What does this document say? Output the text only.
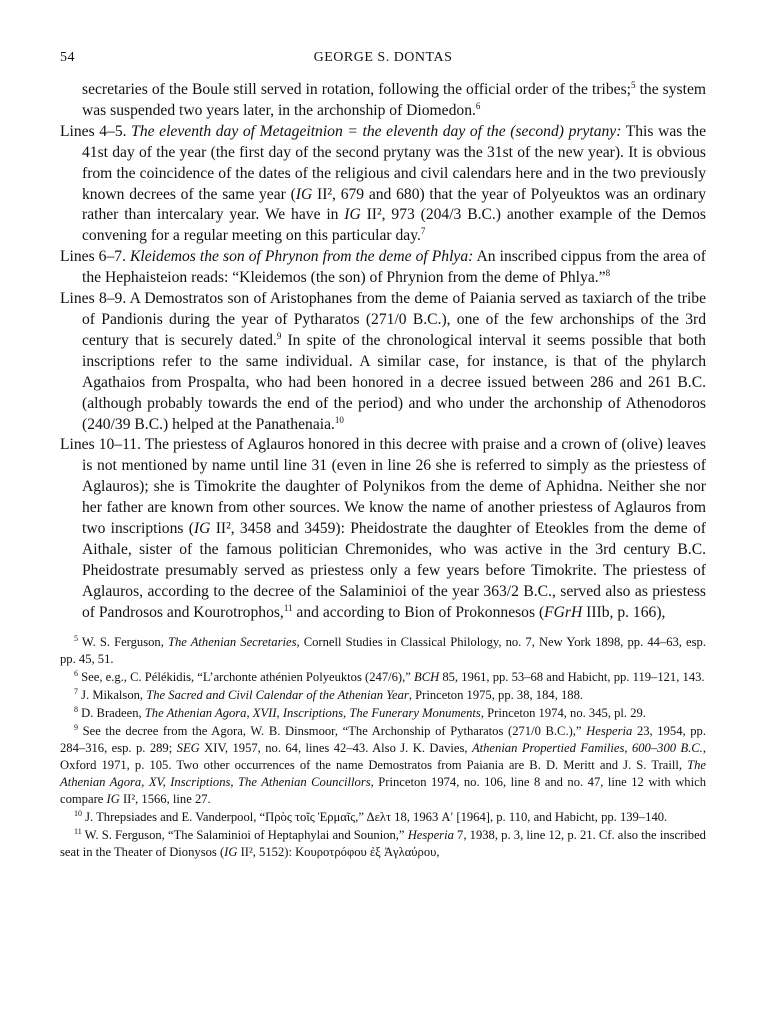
54	GEORGE S. DONTAS

secretaries of the Boule still served in rotation, following the official order of the tribes;$^5$ the system was suspended two years later, in the archonship of Diomedon.$^6$

Lines 4–5. The eleventh day of Metageitnion = the eleventh day of the (second) prytany: This was the 41st day of the year (the first day of the second prytany was the 31st of the new year). It is obvious from the coincidence of the dates of the religious and civil calendars here and in the two previously known decrees of the same year (IG II², 679 and 680) that the year of Polyeuktos was an ordinary rather than intercalary year. We have in IG II², 973 (204/3 B.C.) another example of the Demos convening for a regular meeting on this particular day.$^7$

Lines 6–7. Kleidemos the son of Phrynon from the deme of Phlya: An inscribed cippus from the area of the Hephaisteion reads: “Kleidemos (the son) of Phrynion from the deme of Phlya.”$^8$

Lines 8–9. A Demostratos son of Aristophanes from the deme of Paiania served as taxiarch of the tribe of Pandionis during the year of Pytharatos (271/0 B.C.), one of the few archonships of the 3rd century that is securely dated.$^9$ In spite of the chronological interval it seems possible that both inscriptions refer to the same individual. A similar case, for instance, is that of the phylarch Agathaios from Prospalta, who had been honored in a decree issued between 286 and 261 B.C. (although probably towards the end of the period) and who under the archonship of Athenodoros (240/39 B.C.) helped at the Panathenaia.$^{10}$

Lines 10–11. The priestess of Aglauros honored in this decree with praise and a crown of (olive) leaves is not mentioned by name until line 31 (even in line 26 she is referred to simply as the priestess of Aglauros); she is Timokrite the daughter of Polynikos from the deme of Aphidna. Neither she nor her father are known from other sources. We know the name of another priestess of Aglauros from two inscriptions (IG II², 3458 and 3459): Pheidostrate the daughter of Eteokles from the deme of Aithale, sister of the famous politician Chremonides, who was active in the 3rd century B.C. Pheidostrate presumably served as priestess only a few years before Timokrite. The priestess of Aglauros, according to the decree of the Salaminioi of the year 363/2 B.C., served also as priestess of Pandrosos and Kourotrophos,$^{11}$ and according to Bion of Prokonnesos (FGrH IIIb, p. 166),

$^5$ W. S. Ferguson, The Athenian Secretaries, Cornell Studies in Classical Philology, no. 7, New York 1898, pp. 44–63, esp. pp. 45, 51.

$^6$ See, e.g., C. Pélékidis, “L’archonte athénien Polyeuktos (247/6),” BCH 85, 1961, pp. 53–68 and Habicht, pp. 119–121, 143.

$^7$ J. Mikalson, The Sacred and Civil Calendar of the Athenian Year, Princeton 1975, pp. 38, 184, 188.

$^8$ D. Bradeen, The Athenian Agora, XVII, Inscriptions, The Funerary Monuments, Princeton 1974, no. 345, pl. 29.

$^9$ See the decree from the Agora, W. B. Dinsmoor, “The Archonship of Pytharatos (271/0 B.C.),” Hesperia 23, 1954, pp. 284–316, esp. p. 289; SEG XIV, 1957, no. 64, lines 42–43. Also J. K. Davies, Athenian Propertied Families, 600–300 B.C., Oxford 1971, p. 105. Two other occurrences of the name Demostratos from Paiania are B. D. Meritt and J. S. Traill, The Athenian Agora, XV, Inscriptions, The Athenian Councillors, Princeton 1974, no. 106, line 8 and no. 47, line 12 with which compare IG II², 1566, line 27.

$^{10}$ J. Threpsiades and E. Vanderpool, “Πρὸς τοῖς Ἑρμαῖς,” Δελτ 18, 1963 A′ [1964], p. 110, and Habicht, pp. 139–140.

$^{11}$ W. S. Ferguson, “The Salaminioi of Heptaphylai and Sounion,” Hesperia 7, 1938, p. 3, line 12, p. 21. Cf. also the inscribed seat in the Theater of Dionysos (IG II², 5152): Κουροτρόφου ἐξ Ἀγλαύρου,
